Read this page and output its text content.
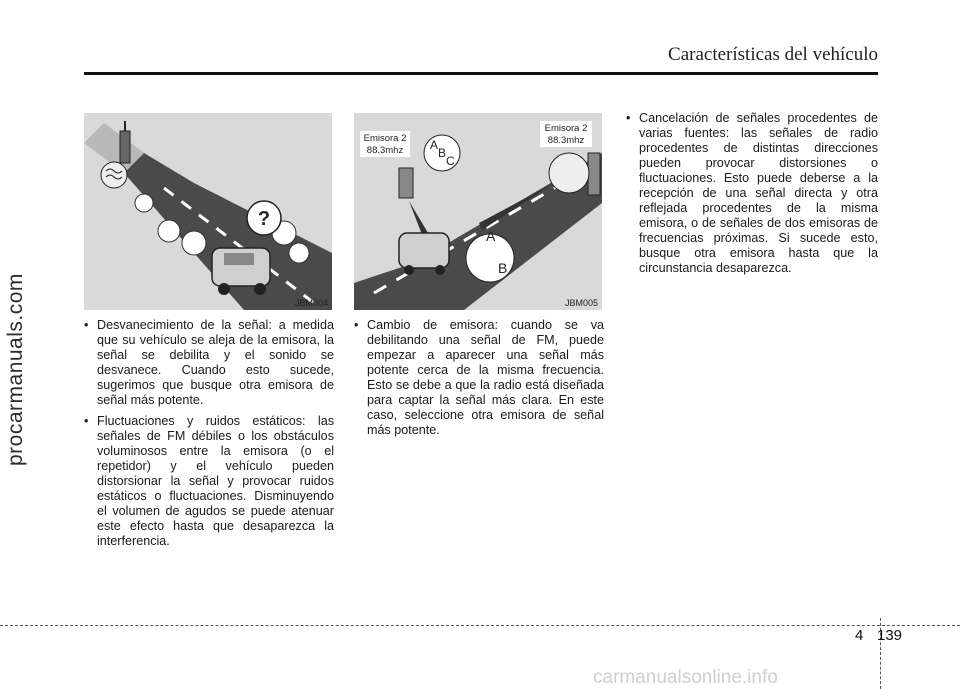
Características del vehículo
procarmanuals.com
?
JBM004
A
B
C
A
B
Emisora 2
88.3mhz
Emisora 2
88.3mhz
JBM005
• Desvanecimiento de la señal: a medida que su vehículo se aleja de la emisora, la señal se debilita y el sonido se desvanece. Cuando esto sucede, sugerimos que busque otra emisora de señal más potente.
• Fluctuaciones y ruidos estáticos: las señales de FM débiles o los obstáculos voluminosos entre la emisora (o el repetidor) y el vehículo pueden distorsionar la señal y provocar ruidos estáticos o fluctuaciones. Disminuyendo el volumen de agudos se puede atenuar este efecto hasta que desaparezca la interferencia.
• Cambio de emisora: cuando se va debilitando una señal de FM, puede empezar a aparecer una señal más potente cerca de la misma frecuencia. Esto se debe a que la radio está diseñada para captar la señal más clara. En este caso, seleccione otra emisora de señal más potente.
• Cancelación de señales procedentes de varias fuentes: las señales de radio procedentes de distintas direcciones pueden provocar distorsiones o fluctuaciones. Esto puede deberse a la recepción de una señal directa y otra reflejada procedentes de la misma emisora, o de señales de dos emisoras de frecuencias próximas. Si sucede esto, busque otra emisora hasta que la circunstancia desaparezca.
4 139
carmanualsonline.info
